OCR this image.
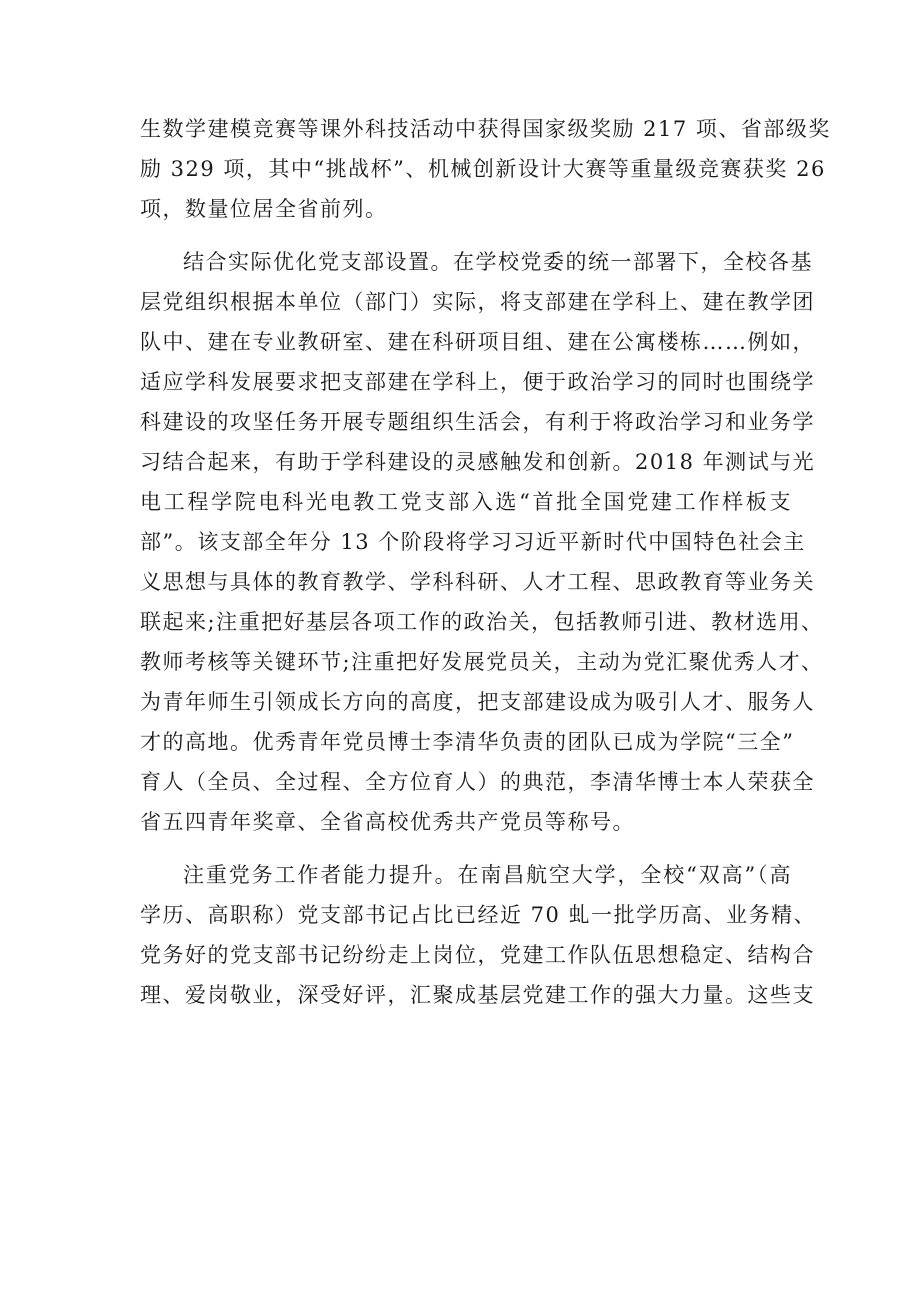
生数学建模竞赛等课外科技活动中获得国家级奖励 217 项、省部级奖
励 329 项，其中“挑战杯”、机械创新设计大赛等重量级竞赛获奖 26
项，数量位居全省前列。
结合实际优化党支部设置。在学校党委的统一部署下，全校各基
层党组织根据本单位（部门）实际，将支部建在学科上、建在教学团
队中、建在专业教研室、建在科研项目组、建在公寓楼栋……例如，
适应学科发展要求把支部建在学科上，便于政治学习的同时也围绕学
科建设的攻坚任务开展专题组织生活会，有利于将政治学习和业务学
习结合起来，有助于学科建设的灵感触发和创新。2018 年测试与光
电工程学院电科光电教工党支部入选“首批全国党建工作样板支
部”。该支部全年分 13 个阶段将学习习近平新时代中国特色社会主
义思想与具体的教育教学、学科科研、人才工程、思政教育等业务关
联起来;注重把好基层各项工作的政治关，包括教师引进、教材选用、
教师考核等关键环节;注重把好发展党员关，主动为党汇聚优秀人才、
为青年师生引领成长方向的高度，把支部建设成为吸引人才、服务人
才的高地。优秀青年党员博士李清华负责的团队已成为学院“三全”
育人（全员、全过程、全方位育人）的典范，李清华博士本人荣获全
省五四青年奖章、全省高校优秀共产党员等称号。
注重党务工作者能力提升。在南昌航空大学，全校“双高”（高
学历、高职称）党支部书记占比已经近 70 虬一批学历高、业务精、
党务好的党支部书记纷纷走上岗位，党建工作队伍思想稳定、结构合
理、爱岗敬业，深受好评，汇聚成基层党建工作的强大力量。这些支
